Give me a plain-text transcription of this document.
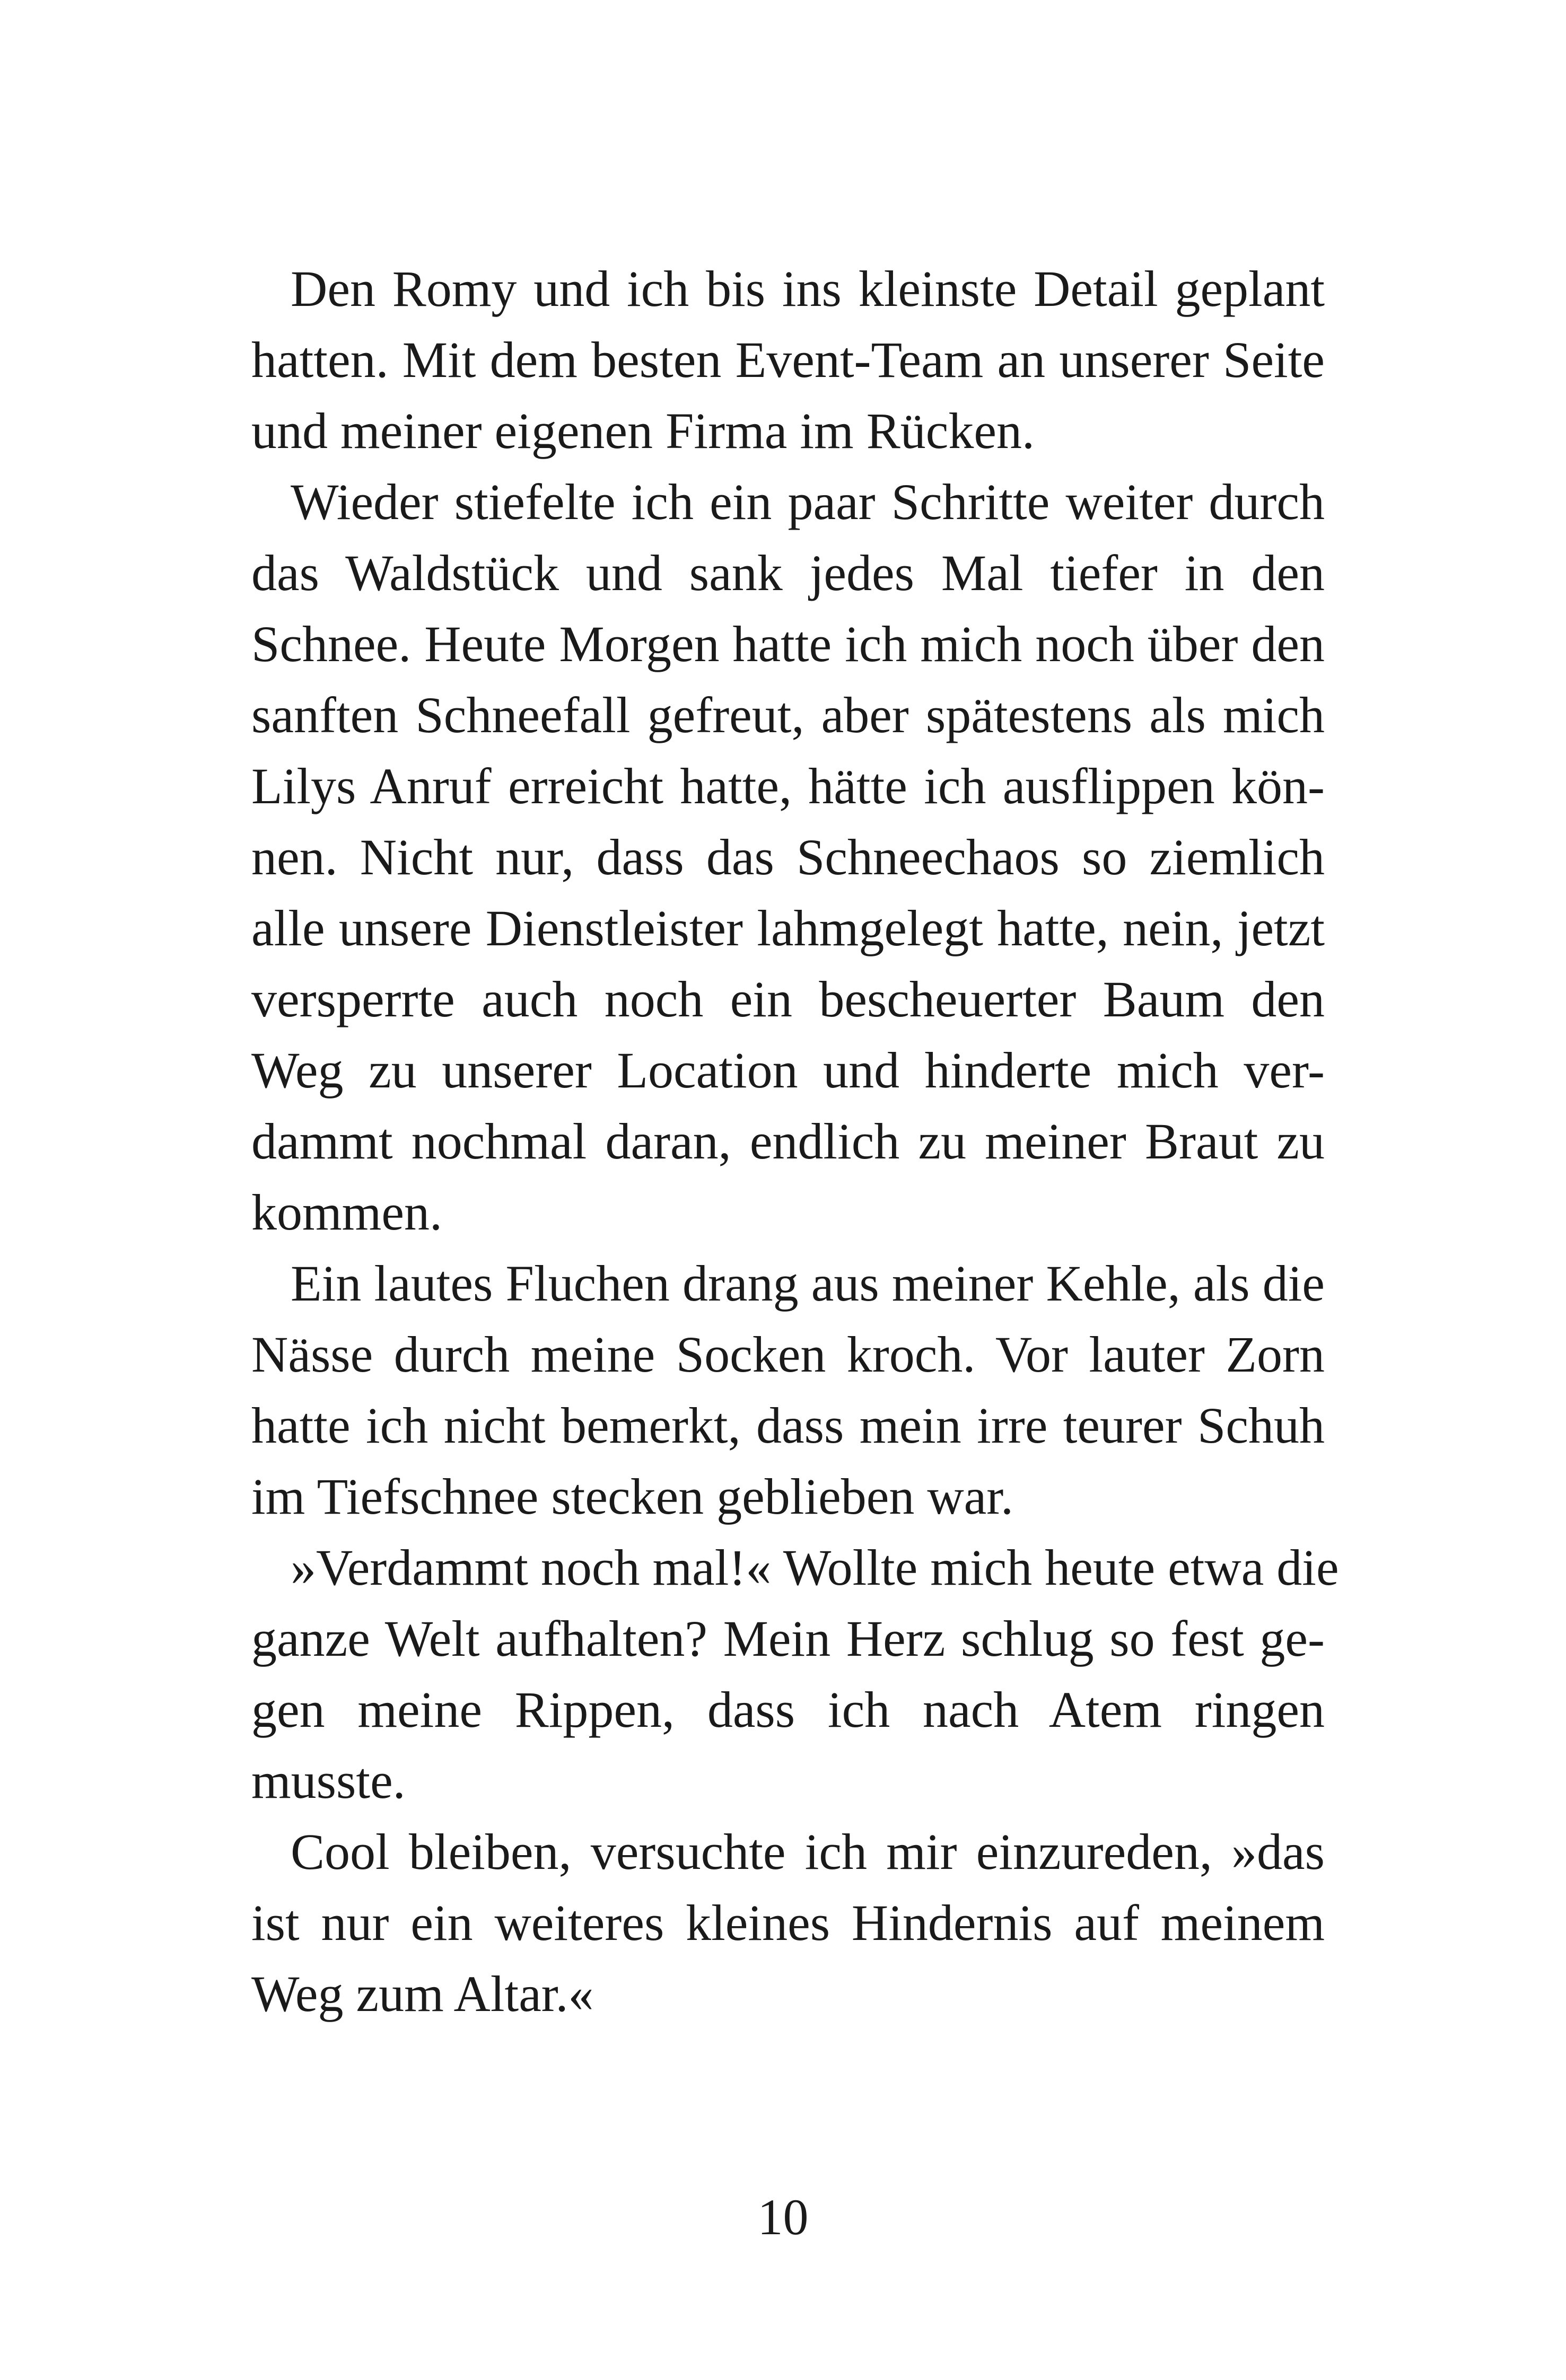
Den Romy und ich bis ins kleinste Detail geplant
hatten. Mit dem besten Event-Team an unserer Seite
und meiner eigenen Firma im Rücken.
Wieder stiefelte ich ein paar Schritte weiter durch
das Waldstück und sank jedes Mal tiefer in den
Schnee. Heute Morgen hatte ich mich noch über den
sanften Schneefall gefreut, aber spätestens als mich
Lilys Anruf erreicht hatte, hätte ich ausflippen kön-
nen. Nicht nur, dass das Schneechaos so ziemlich
alle unsere Dienstleister lahmgelegt hatte, nein, jetzt
versperrte auch noch ein bescheuerter Baum den
Weg zu unserer Location und hinderte mich ver-
dammt nochmal daran, endlich zu meiner Braut zu
kommen.
Ein lautes Fluchen drang aus meiner Kehle, als die
Nässe durch meine Socken kroch. Vor lauter Zorn
hatte ich nicht bemerkt, dass mein irre teurer Schuh
im Tiefschnee stecken geblieben war.
»Verdammt noch mal!« Wollte mich heute etwa die
ganze Welt aufhalten? Mein Herz schlug so fest ge-
gen meine Rippen, dass ich nach Atem ringen
musste.
Cool bleiben, versuchte ich mir einzureden, »das
ist nur ein weiteres kleines Hindernis auf meinem
Weg zum Altar.«
10
